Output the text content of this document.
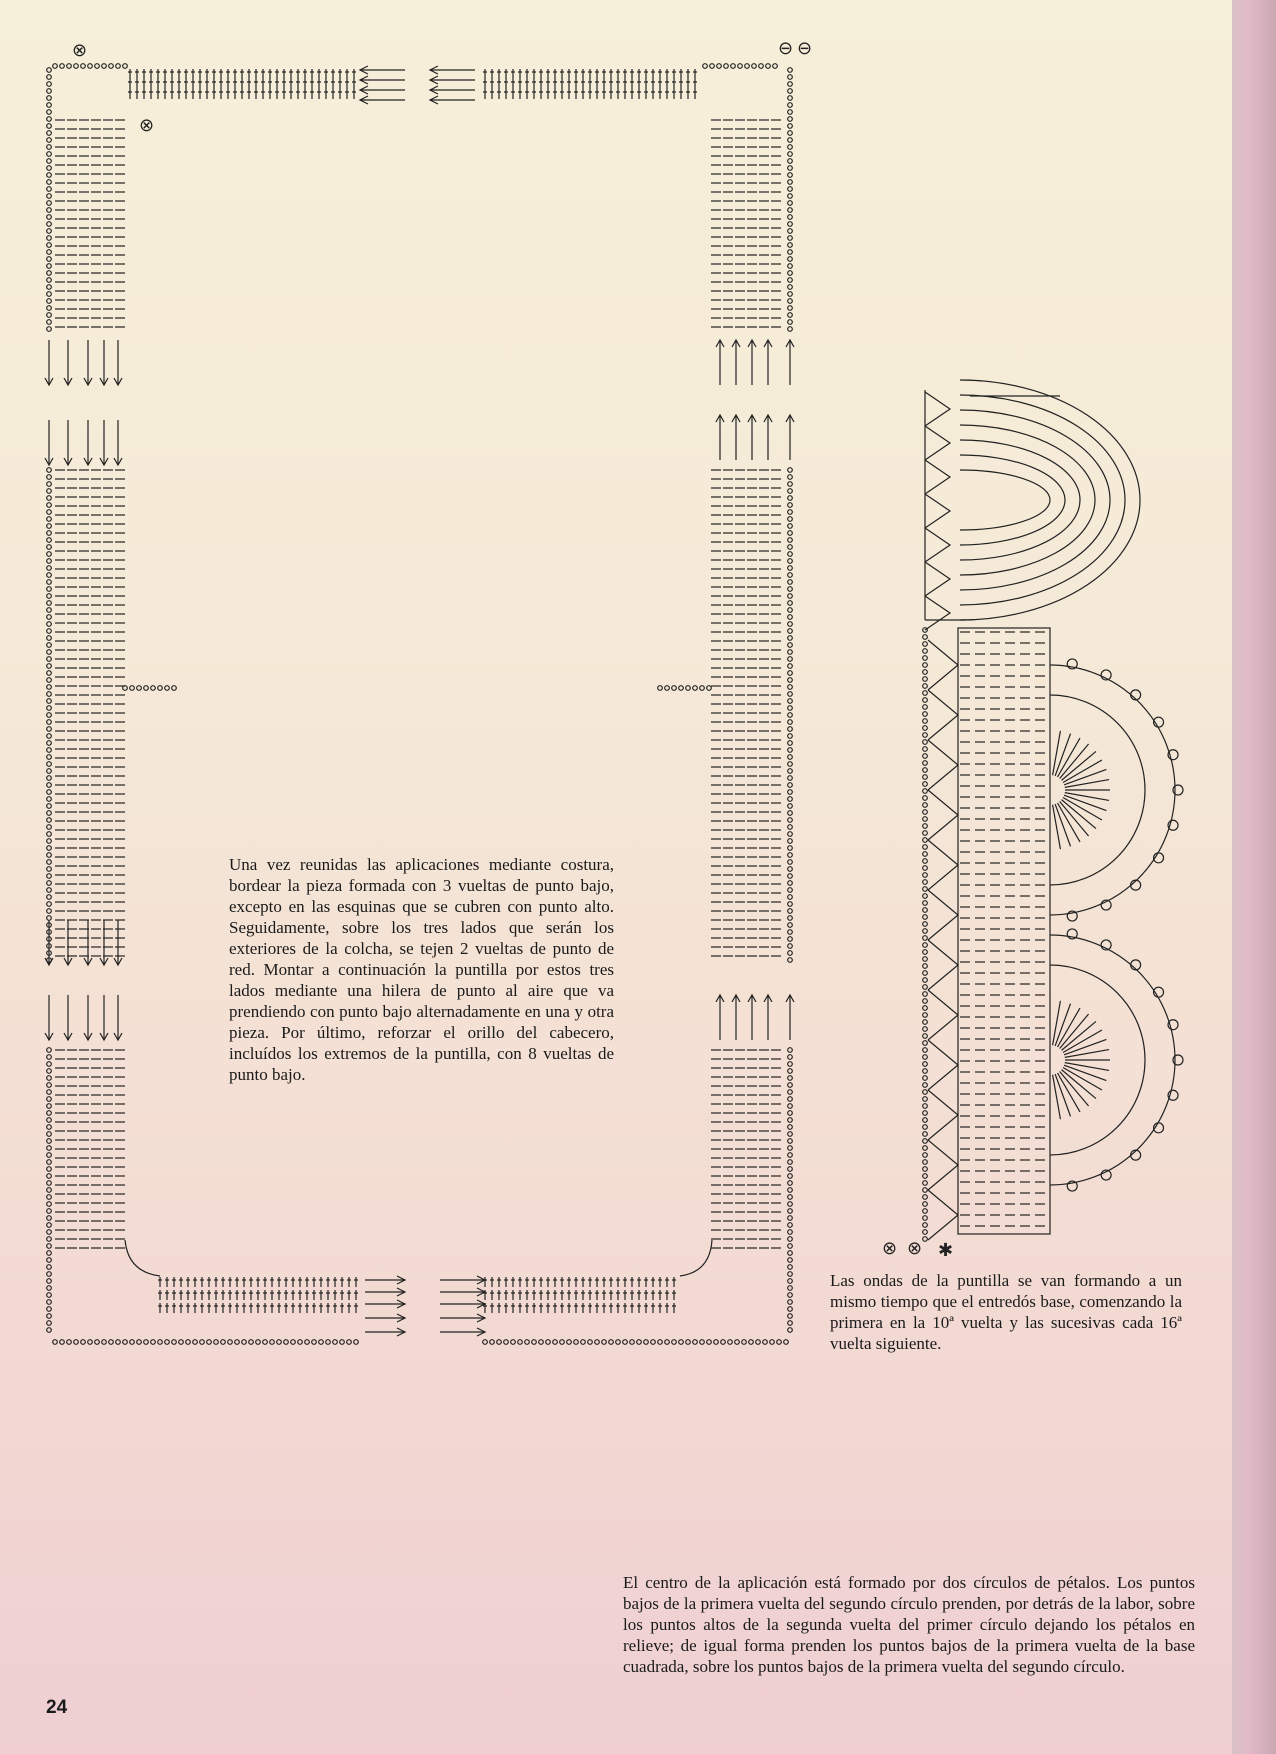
⊗
⊗
⊖ ⊖
⊗ ⊗ ✱

Una vez reunidas las aplicaciones mediante costura, bordear la pieza formada con 3 vueltas de punto bajo, excepto en las esquinas que se cubren con punto alto. Seguidamente, sobre los tres lados que serán los exteriores de la colcha, se tejen 2 vueltas de punto de red. Montar a continuación la puntilla por estos tres lados mediante una hilera de punto al aire que va prendiendo con punto bajo alternadamente en una y otra pieza. Por último, reforzar el orillo del cabecero, incluídos los extremos de la puntilla, con 8 vueltas de punto bajo.

Las ondas de la puntilla se van formando a un mismo tiempo que el entredós base, comenzando la primera en la 10ª vuelta y las sucesivas cada 16ª vuelta siguiente.

El centro de la aplicación está formado por dos círculos de pétalos. Los puntos bajos de la primera vuelta del segundo círculo prenden, por detrás de la labor, sobre los puntos altos de la segunda vuelta del primer círculo dejando los pétalos en relieve; de igual forma prenden los puntos bajos de la primera vuelta de la base cuadrada, sobre los puntos bajos de la primera vuelta del segundo círculo.

24
